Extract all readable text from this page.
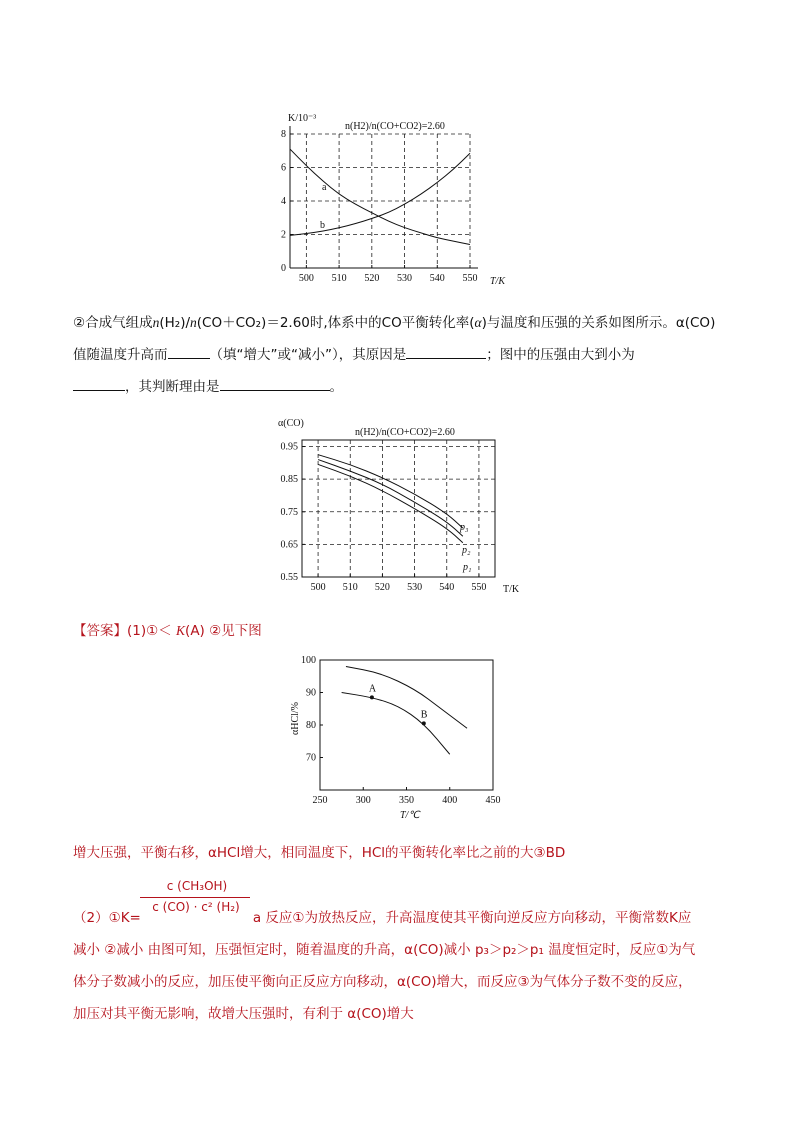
500 510 520 530 540 550
0
2
4
6
8
a
b
n(H2)/n(CO+CO2)=2.60
K/10⁻³
T/K
②合成气组成n(H₂)/n(CO＋CO₂)＝2.60时,体系中的CO平衡转化率(α)与温度和压强的关系如图所示。α(CO)
值随温度升高而	（填“增大”或“减小”），其原因是	；图中的压强由大到小为
，其判断理由是	。
500 510 520 530 540 550
0.55
0.65
0.75
0.85
0.95
p₃
p₂
p₁
n(H2)/n(CO+CO2)=2.60
α(CO)
T/K
【答案】(1)①＜ K(A) ②见下图
250	300	350	400	450
70
80
90
100
A
B
αHCl/%
T/℃
增大压强，平衡右移，αHCl增大，相同温度下，HCl的平衡转化率比之前的大③BD
c (CH₃OH)
c (CO) · c² (H₂)
（2）①K=	a 反应①为放热反应，升高温度使其平衡向逆反应方向移动，平衡常数K应
减小 ②减小 由图可知，压强恒定时，随着温度的升高，α(CO)减小 p₃＞p₂＞p₁ 温度恒定时，反应①为气
体分子数减小的反应，加压使平衡向正反应方向移动，α(CO)增大，而反应③为气体分子数不变的反应，
加压对其平衡无影响，故增大压强时，有利于 α(CO)增大
